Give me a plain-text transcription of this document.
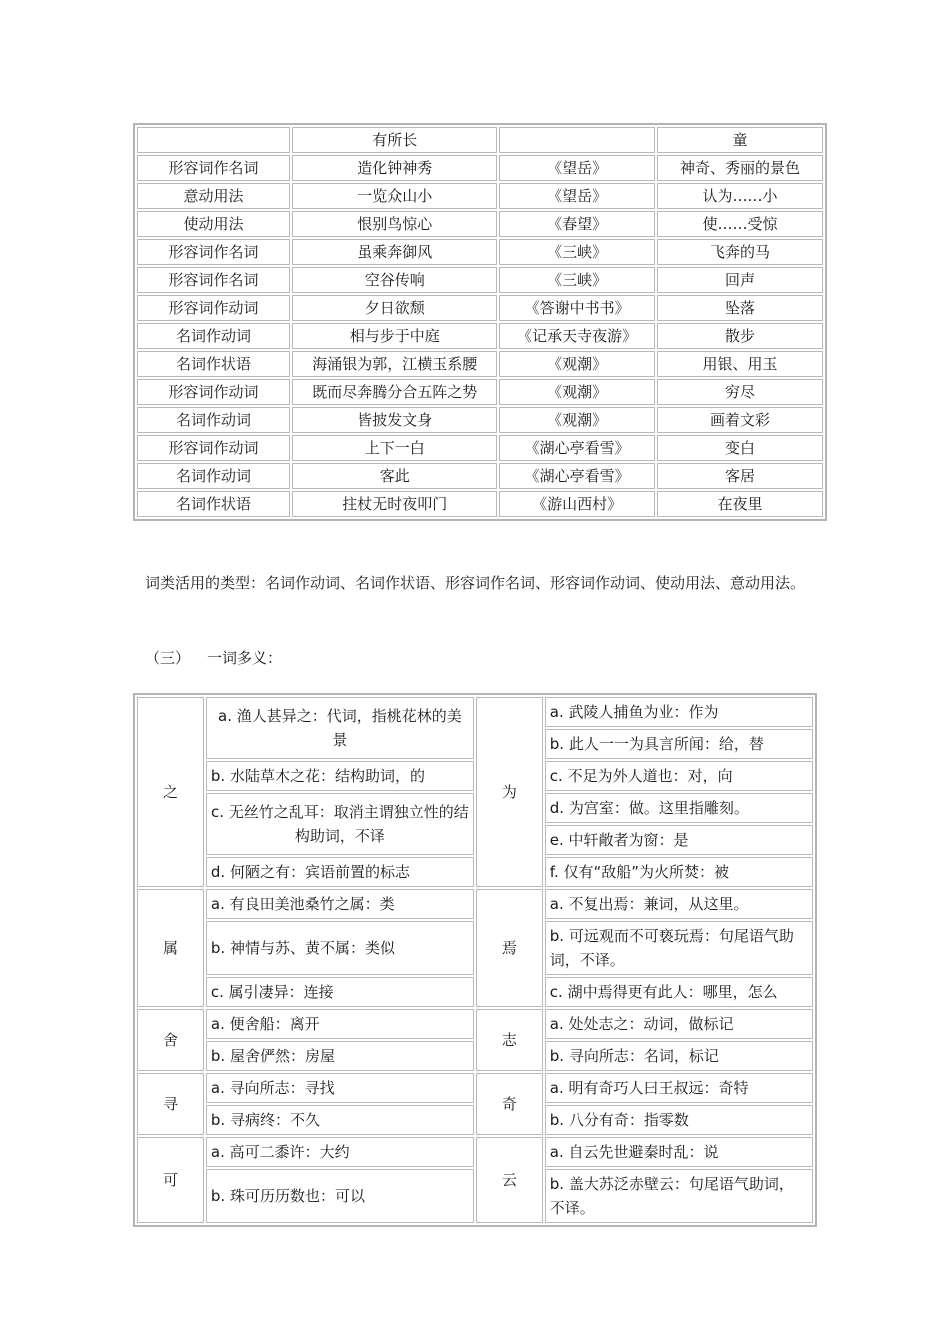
	有所长		童
形容词作名词	造化钟神秀	《望岳》	神奇、秀丽的景色
意动用法	一览众山小	《望岳》	认为……小
使动用法	恨别鸟惊心	《春望》	使……受惊
形容词作名词	虽乘奔御风	《三峡》	飞奔的马
形容词作名词	空谷传响	《三峡》	回声
形容词作动词	夕日欲颓	《答谢中书书》	坠落
名词作动词	相与步于中庭	《记承天寺夜游》	散步
名词作状语	海涌银为郭，江横玉系腰	《观潮》	用银、用玉
形容词作动词	既而尽奔腾分合五阵之势	《观潮》	穷尽
名词作动词	皆披发文身	《观潮》	画着文彩
形容词作动词	上下一白	《湖心亭看雪》	变白
名词作动词	客此	《湖心亭看雪》	客居
名词作状语	拄杖无时夜叩门	《游山西村》	在夜里
词类活用的类型：名词作动词、名词作状语、形容词作名词、形容词作动词、使动用法、意动用法。
（三） 一词多义：
之	a. 渔人甚异之：代词，指桃花林的美景	为	a. 武陵人捕鱼为业：作为
			b. 此人一一为具言所闻：给，替
	b. 水陆草木之花：结构助词，的		c. 不足为外人道也：对，向
	c. 无丝竹之乱耳：取消主谓独立性的结构助词，不译		d. 为宫室：做。这里指雕刻。
			e. 中轩敞者为窗：是
	d. 何陋之有：宾语前置的标志		f. 仅有“敌船”为火所焚：被
属	a. 有良田美池桑竹之属：类	焉	a. 不复出焉：兼词，从这里。
	b. 神情与苏、黄不属：类似		b. 可远观而不可亵玩焉：句尾语气助词，不译。
	c. 属引凄异：连接		c. 湖中焉得更有此人：哪里，怎么
舍	a. 便舍船：离开	志	a. 处处志之：动词，做标记
	b. 屋舍俨然：房屋		b. 寻向所志：名词，标记
寻	a. 寻向所志：寻找	奇	a. 明有奇巧人曰王叔远：奇特
	b. 寻病终：不久		b. 八分有奇：指零数
可	a. 高可二黍许：大约	云	a. 自云先世避秦时乱：说
	b. 珠可历历数也：可以		b. 盖大苏泛赤壁云：句尾语气助词，不译。
